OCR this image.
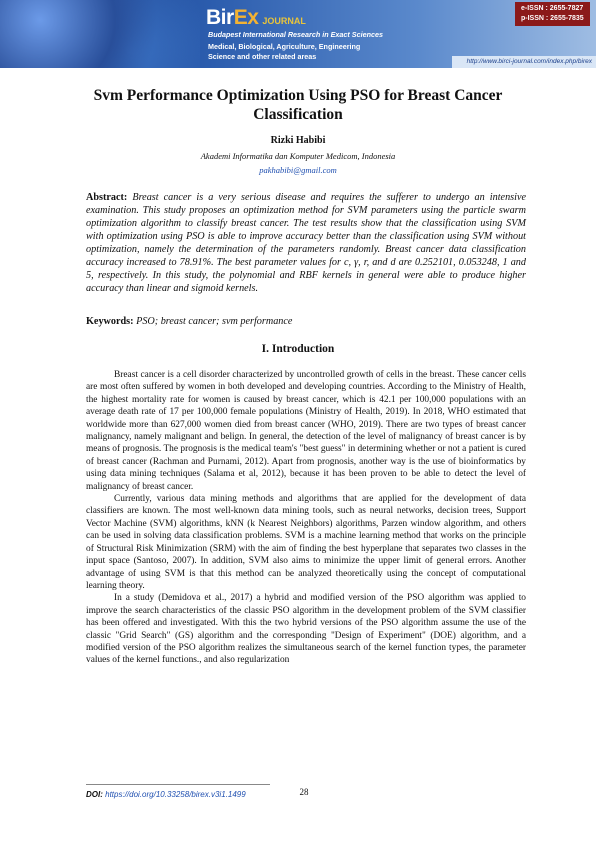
BirEx JOURNAL
Budapest International Research in Exact Sciences
Medical, Biological, Agriculture, Engineering
Science and other related areas
e-ISSN : 2655-7827
p-ISSN : 2655-7835
http://www.birci-journal.com/index.php/birex
Svm Performance Optimization Using PSO for Breast Cancer Classification
Rizki Habibi
Akademi Informatika dan Komputer Medicom, Indonesia
pakhabibi@gmail.com
Abstract: Breast cancer is a very serious disease and requires the sufferer to undergo an intensive examination. This study proposes an optimization method for SVM parameters using the particle swarm optimization algorithm to classify breast cancer. The test results show that the classification using SVM with optimization using PSO is able to improve accuracy better than the classification using SVM without optimization, namely the determination of the parameters randomly. Breast cancer data classification accuracy increased to 78.91%. The best parameter values for c, γ, r, and d are 0.252101, 0.053248, 1 and 5, respectively. In this study, the polynomial and RBF kernels in general were able to produce higher accuracy than linear and sigmoid kernels.
Keywords: PSO; breast cancer; svm performance
I. Introduction

Breast cancer is a cell disorder characterized by uncontrolled growth of cells in the breast. These cancer cells are most often suffered by women in both developed and developing countries. According to the Ministry of Health, the highest mortality rate for women is caused by breast cancer, which is 42.1 per 100,000 populations with an average death rate of 17 per 100,000 female populations (Ministry of Health, 2019). In 2018, WHO estimated that worldwide more than 627,000 women died from breast cancer (WHO, 2019). There are two types of breast cancer malignancy, namely malignant and belign. In general, the detection of the level of malignancy of breast cancer is by means of prognosis. The prognosis is the medical team's "best guess" in determining whether or not a patient is cured of breast cancer (Rachman and Purnami, 2012). Apart from prognosis, another way is the use of bioinformatics by using data mining techniques (Salama et al, 2012), because it has been proven to be able to detect the level of malignancy of breast cancer.

Currently, various data mining methods and algorithms that are applied for the development of data classifiers are known. The most well-known data mining tools, such as neural networks, decision trees, Support Vector Machine (SVM) algorithms, kNN (k Nearest Neighbors) algorithms, Parzen window algorithm, and others can be used in solving data classification problems. SVM is a machine learning method that works on the principle of Structural Risk Minimization (SRM) with the aim of finding the best hyperplane that separates two classes in the input space (Santoso, 2007). In addition, SVM also aims to minimize the upper limit of general errors. Another advantage of using SVM is that this method can be analyzed theoretically using the concept of computational learning theory.

In a study (Demidova et al., 2017) a hybrid and modified version of the PSO algorithm was applied to improve the search characteristics of the classic PSO algorithm in the development problem of the SVM classifier has been offered and investigated. With this the two hybrid versions of the PSO algorithm assume the use of the classic "Grid Search" (GS) algorithm and the corresponding "Design of Experiment" (DOE) algorithm, and a modified version of the PSO algorithm realizes the simultaneous search of the kernel function types, the parameter values of the kernel functions., and also regularization

DOI: https://doi.org/10.33258/birex.v3i1.1499	28
